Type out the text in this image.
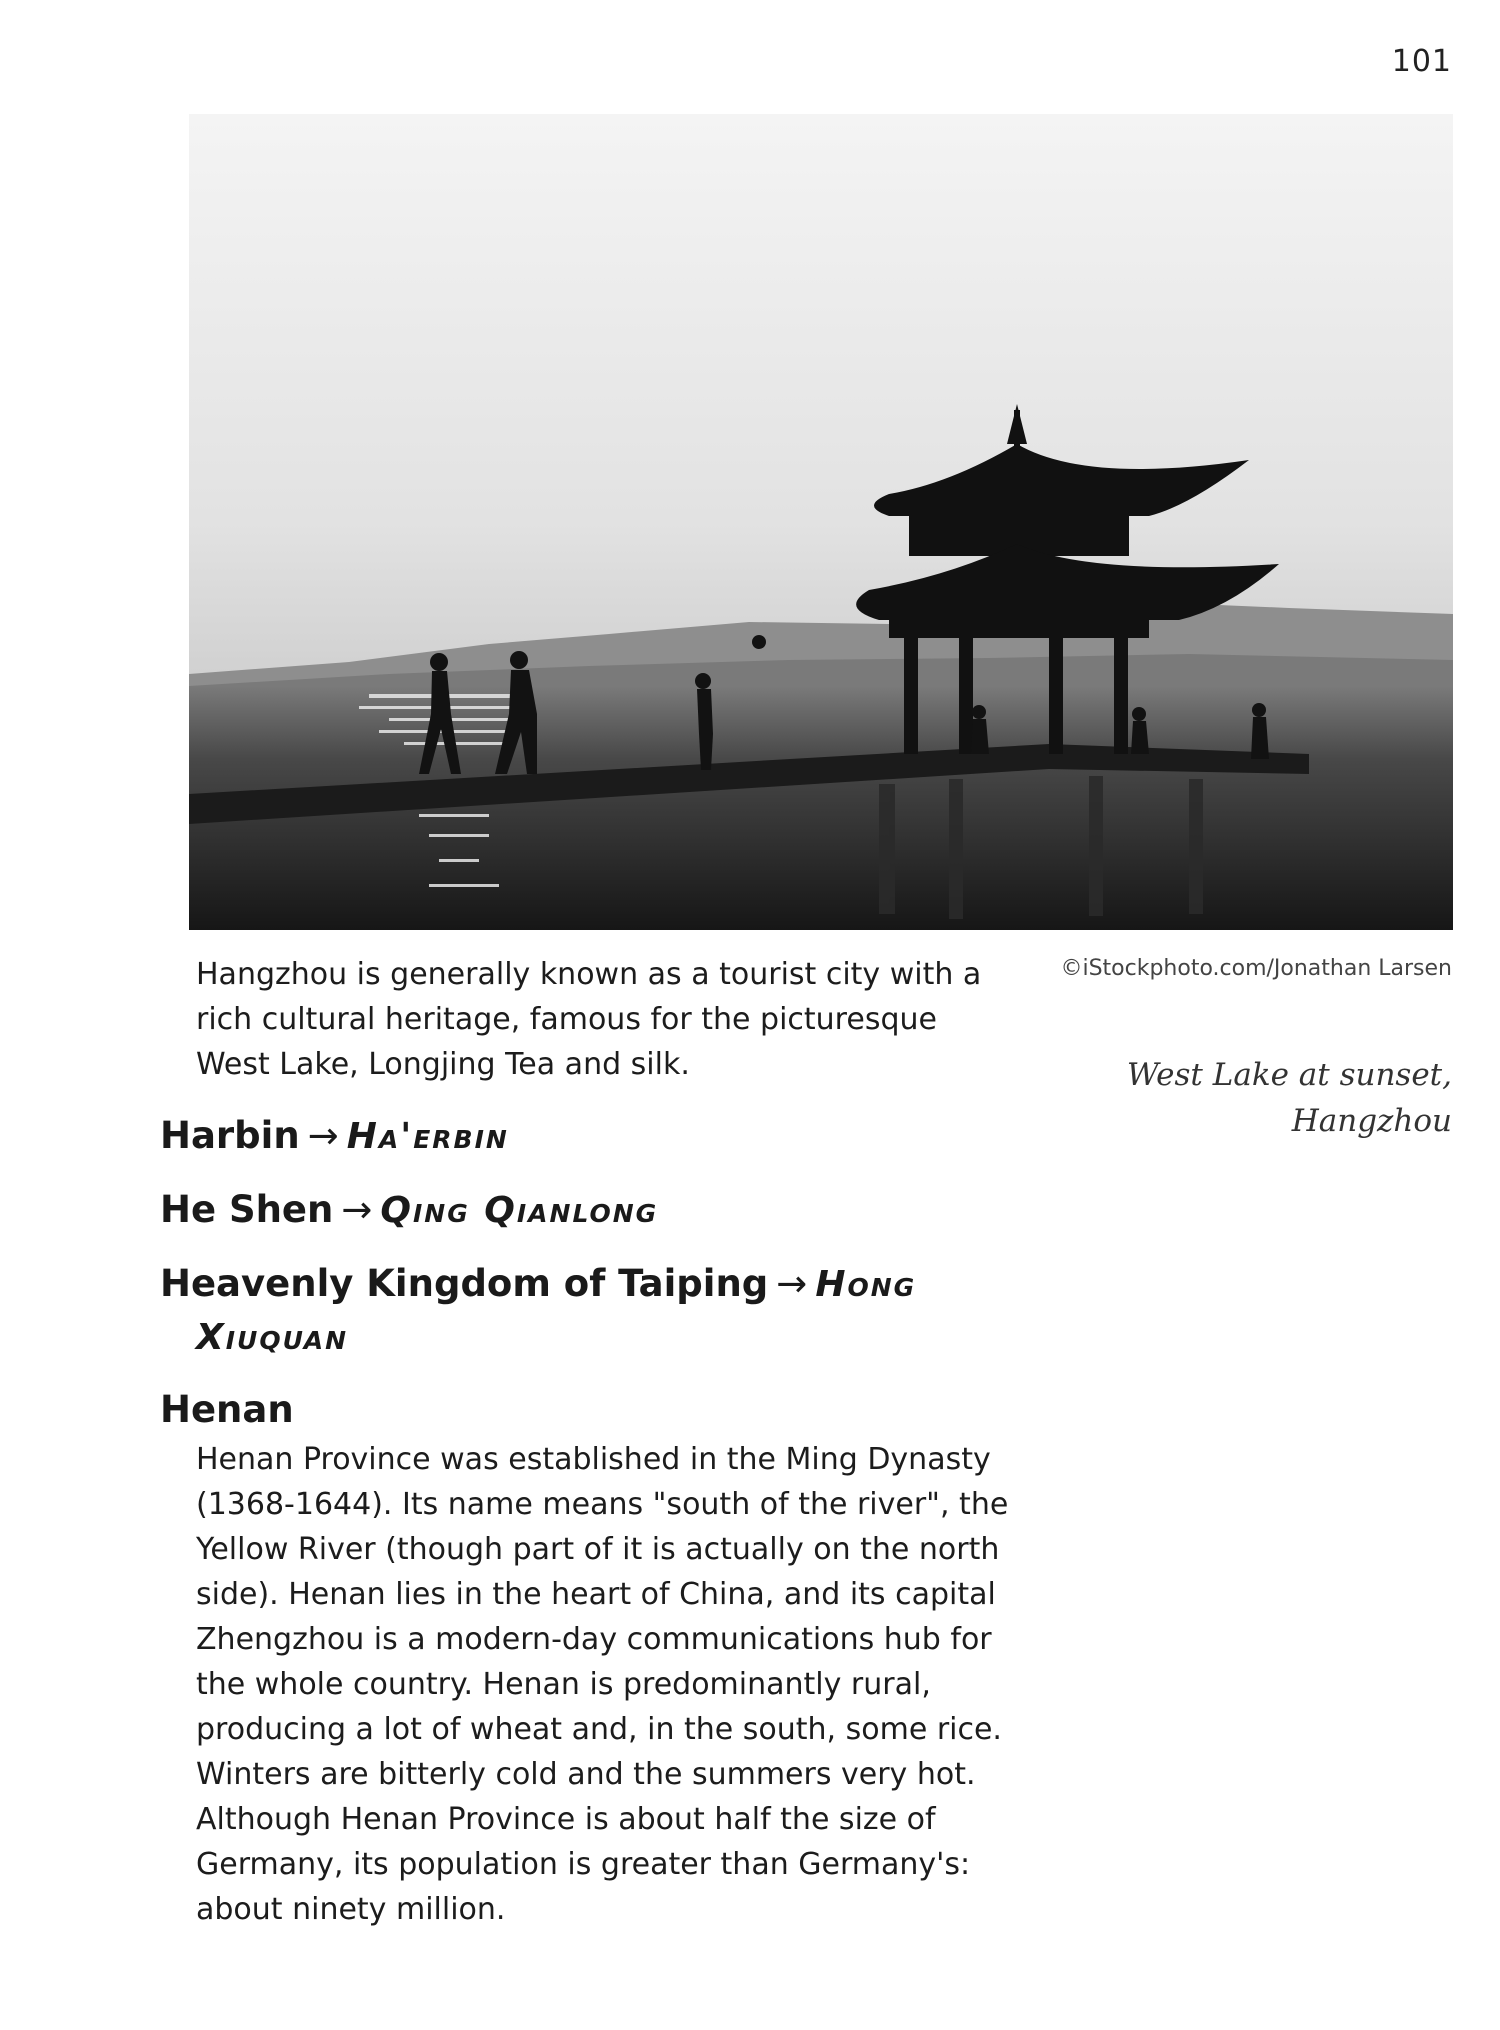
101
©iStockphoto.com/Jonathan Larsen
West Lake at sunset,
Hangzhou

Hangzhou is generally known as a tourist city with a rich cultural heritage, famous for the picturesque West Lake, Longjing Tea and silk.

Harbin → Ha'erbin
He Shen → Qing Qianlong
Heavenly Kingdom of Taiping → Hong Xiuquan
Henan

Henan Province was established in the Ming Dynasty (1368-1644). Its name means "south of the river", the Yellow River (though part of it is actually on the north side). Henan lies in the heart of China, and its capital Zhengzhou is a modern-day communications hub for the whole country. Henan is predominantly rural, producing a lot of wheat and, in the south, some rice. Winters are bitterly cold and the summers very hot. Although Henan Province is about half the size of Germany, its population is greater than Germany's: about ninety million.
